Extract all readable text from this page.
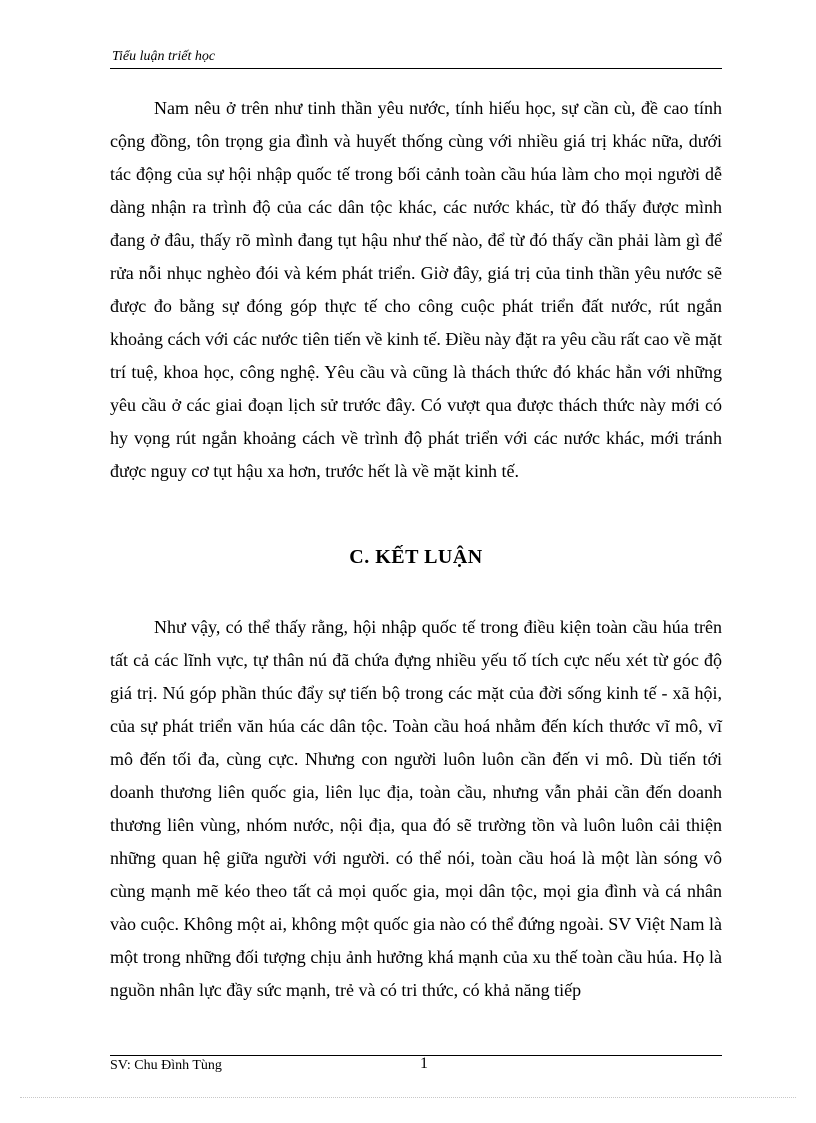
Tiểu luận triết học

Nam nêu ở trên như tinh thần yêu nước, tính hiếu học, sự cần cù, đề cao tính cộng đồng, tôn trọng gia đình và huyết thống cùng với nhiều giá trị khác nữa, dưới tác động của sự hội nhập quốc tế trong bối cảnh toàn cầu húa làm cho mọi người dễ dàng nhận ra trình độ của các dân tộc khác, các nước khác, từ đó thấy được mình đang ở đâu, thấy rõ mình đang tụt hậu như thế nào, để từ đó thấy cần phải làm gì để rửa nỗi nhục nghèo đói và kém phát triển. Giờ đây, giá trị của tinh thần yêu nước sẽ được đo bằng sự đóng góp thực tế cho công cuộc phát triển đất nước, rút ngắn khoảng cách với các nước tiên tiến về kinh tế. Điều này đặt ra yêu cầu rất cao về mặt trí tuệ, khoa học, công nghệ. Yêu cầu và cũng là thách thức đó khác hẳn với những yêu cầu ở các giai đoạn lịch sử trước đây. Có vượt qua được thách thức này mới có hy vọng rút ngắn khoảng cách về trình độ phát triển với các nước khác, mới tránh được nguy cơ tụt hậu xa hơn, trước hết là về mặt kinh tế.

C. KẾT LUẬN

Như vậy, có thể thấy rằng, hội nhập quốc tế trong điều kiện toàn cầu húa trên tất cả các lĩnh vực, tự thân nú đã chứa đựng nhiều yếu tố tích cực nếu xét từ góc độ giá trị. Nú góp phần thúc đẩy sự tiến bộ trong các mặt của đời sống kinh tế - xã hội, của sự phát triển văn húa các dân tộc. Toàn cầu hoá nhằm đến kích thước vĩ mô, vĩ mô đến tối đa, cùng cực. Nhưng con người luôn luôn cần đến vi mô. Dù tiến tới doanh thương liên quốc gia, liên lục địa, toàn cầu, nhưng vẫn phải cần đến doanh thương liên vùng, nhóm nước, nội địa, qua đó sẽ trường tồn và luôn luôn cải thiện những quan hệ giữa người với người. có thể nói, toàn cầu hoá là một làn sóng vô cùng mạnh mẽ kéo theo tất cả mọi quốc gia, mọi dân tộc, mọi gia đình và cá nhân vào cuộc. Không một ai, không một quốc gia nào có thể đứng ngoài. SV Việt Nam là một trong những đối tượng chịu ảnh hưởng khá mạnh của xu thế toàn cầu húa. Họ là nguồn nhân lực đầy sức mạnh, trẻ và có tri thức, có khả năng tiếp

SV: Chu Đình Tùng	1
